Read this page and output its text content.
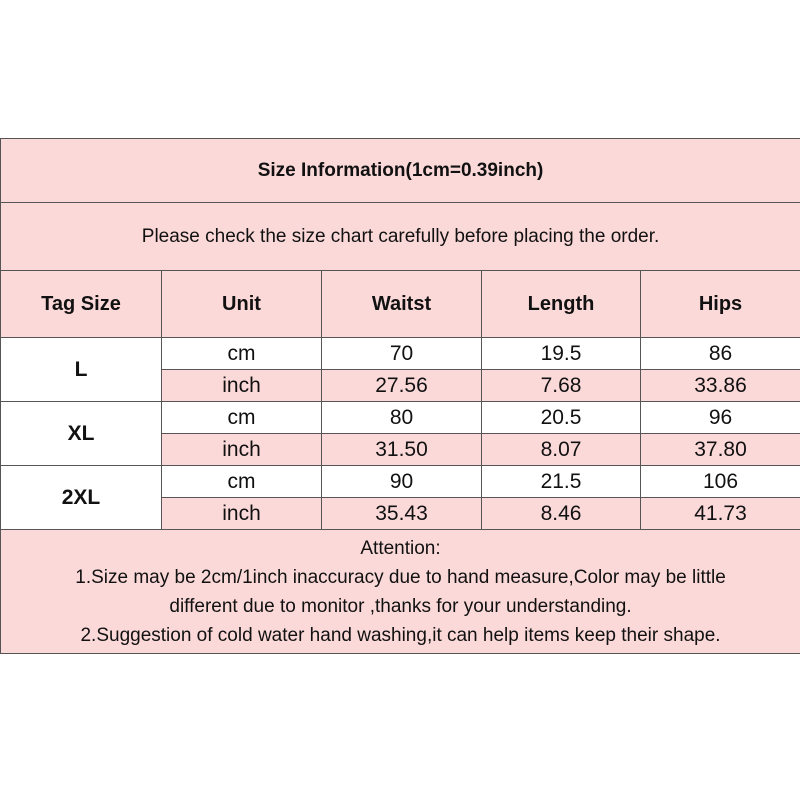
Size Information(1cm=0.39inch)				
Please check the size chart carefully before placing the order.				
Tag Size	Unit	Waitst	Length	Hips
L	cm	70	19.5	86
	inch	27.56	7.68	33.86
XL	cm	80	20.5	96
	inch	31.50	8.07	37.80
2XL	cm	90	21.5	106
	inch	35.43	8.46	41.73

Attention:
1.Size may be 2cm/1inch inaccuracy due to hand measure,Color may be little
different due to monitor ,thanks for your understanding.
2.Suggestion of cold water hand washing,it can help items keep their shape.				
